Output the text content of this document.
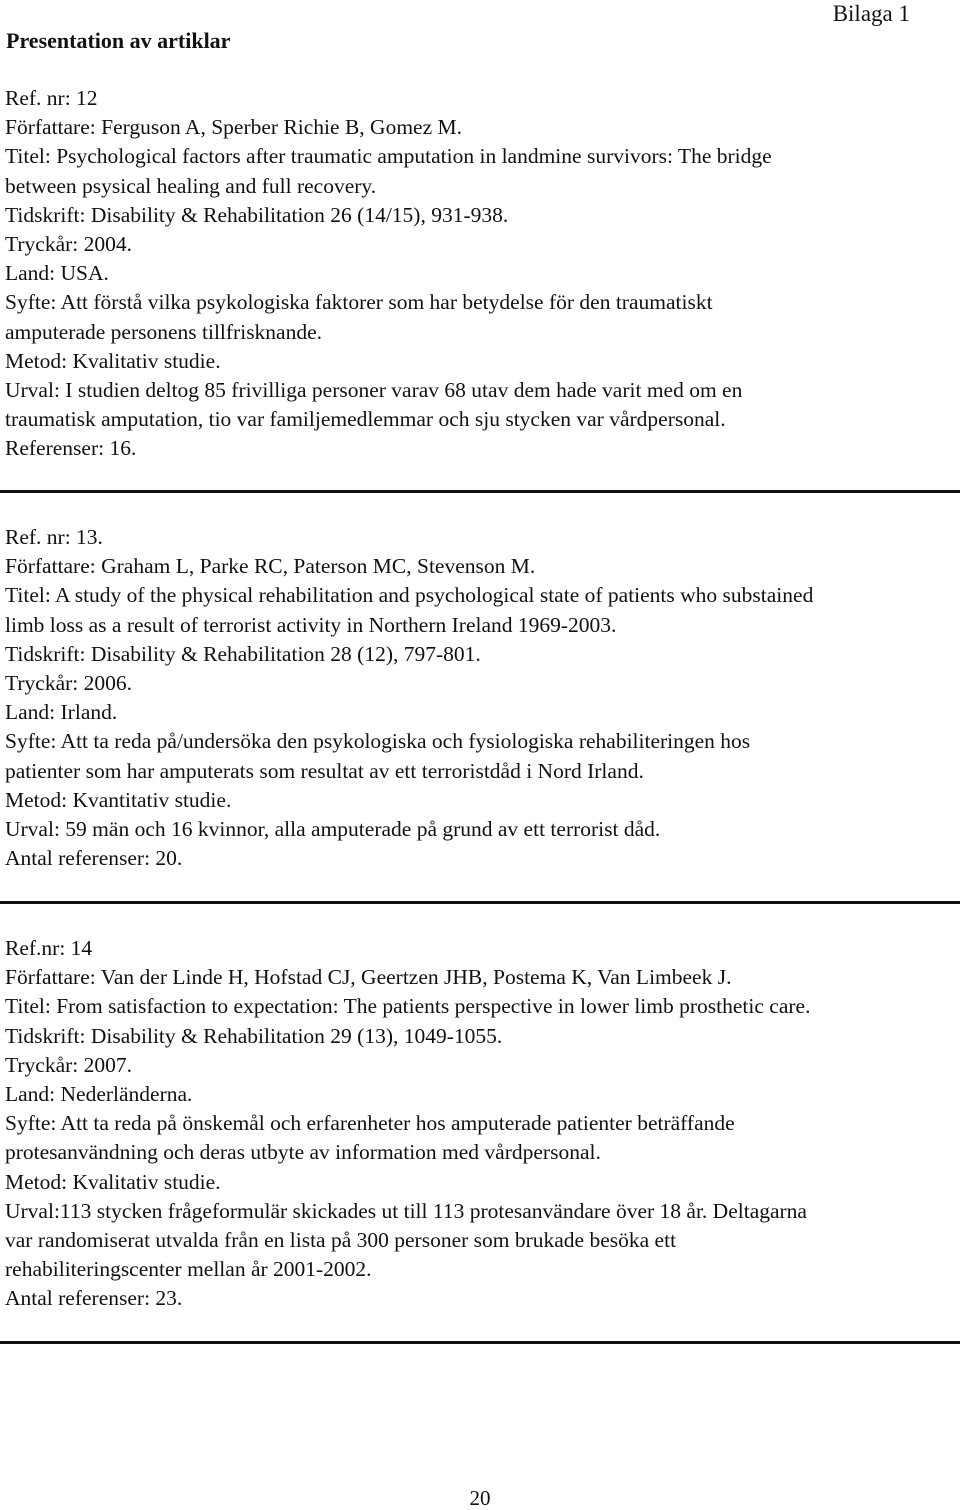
Bilaga 1
Presentation av artiklar
Ref. nr: 12
Författare: Ferguson A, Sperber Richie B, Gomez M.
Titel: Psychological factors after traumatic amputation in landmine survivors: The bridge
between psysical healing and full recovery.
Tidskrift: Disability & Rehabilitation 26 (14/15), 931-938.
Tryckår: 2004.
Land: USA.
Syfte: Att förstå vilka psykologiska faktorer som har betydelse för den traumatiskt
amputerade personens tillfrisknande.
Metod: Kvalitativ studie.
Urval: I studien deltog 85 frivilliga personer varav 68 utav dem hade varit med om en
traumatisk amputation, tio var familjemedlemmar och sju stycken var vårdpersonal.
Referenser: 16.
Ref. nr: 13.
Författare: Graham L, Parke RC, Paterson MC, Stevenson M.
Titel: A study of the physical rehabilitation and psychological state of patients who substained
limb loss as a result of terrorist activity in Northern Ireland 1969-2003.
Tidskrift: Disability & Rehabilitation 28 (12), 797-801.
Tryckår: 2006.
Land: Irland.
Syfte: Att ta reda på/undersöka den psykologiska och fysiologiska rehabiliteringen hos
patienter som har amputerats som resultat av ett terroristdåd i Nord Irland.
Metod: Kvantitativ studie.
Urval: 59 män och 16 kvinnor, alla amputerade på grund av ett terrorist dåd.
Antal referenser: 20.
Ref.nr: 14
Författare: Van der Linde H, Hofstad CJ, Geertzen JHB, Postema K, Van Limbeek J.
Titel: From satisfaction to expectation: The patients perspective in lower limb prosthetic care.
Tidskrift: Disability & Rehabilitation 29 (13), 1049-1055.
Tryckår: 2007.
Land: Nederländerna.
Syfte: Att ta reda på önskemål och erfarenheter hos amputerade patienter beträffande
protesanvändning och deras utbyte av information med vårdpersonal.
Metod: Kvalitativ studie.
Urval:113 stycken frågeformulär skickades ut till 113 protesanvändare över 18 år. Deltagarna
var randomiserat utvalda från en lista på 300 personer som brukade besöka ett
rehabiliteringscenter mellan år 2001-2002.
Antal referenser: 23.
20
